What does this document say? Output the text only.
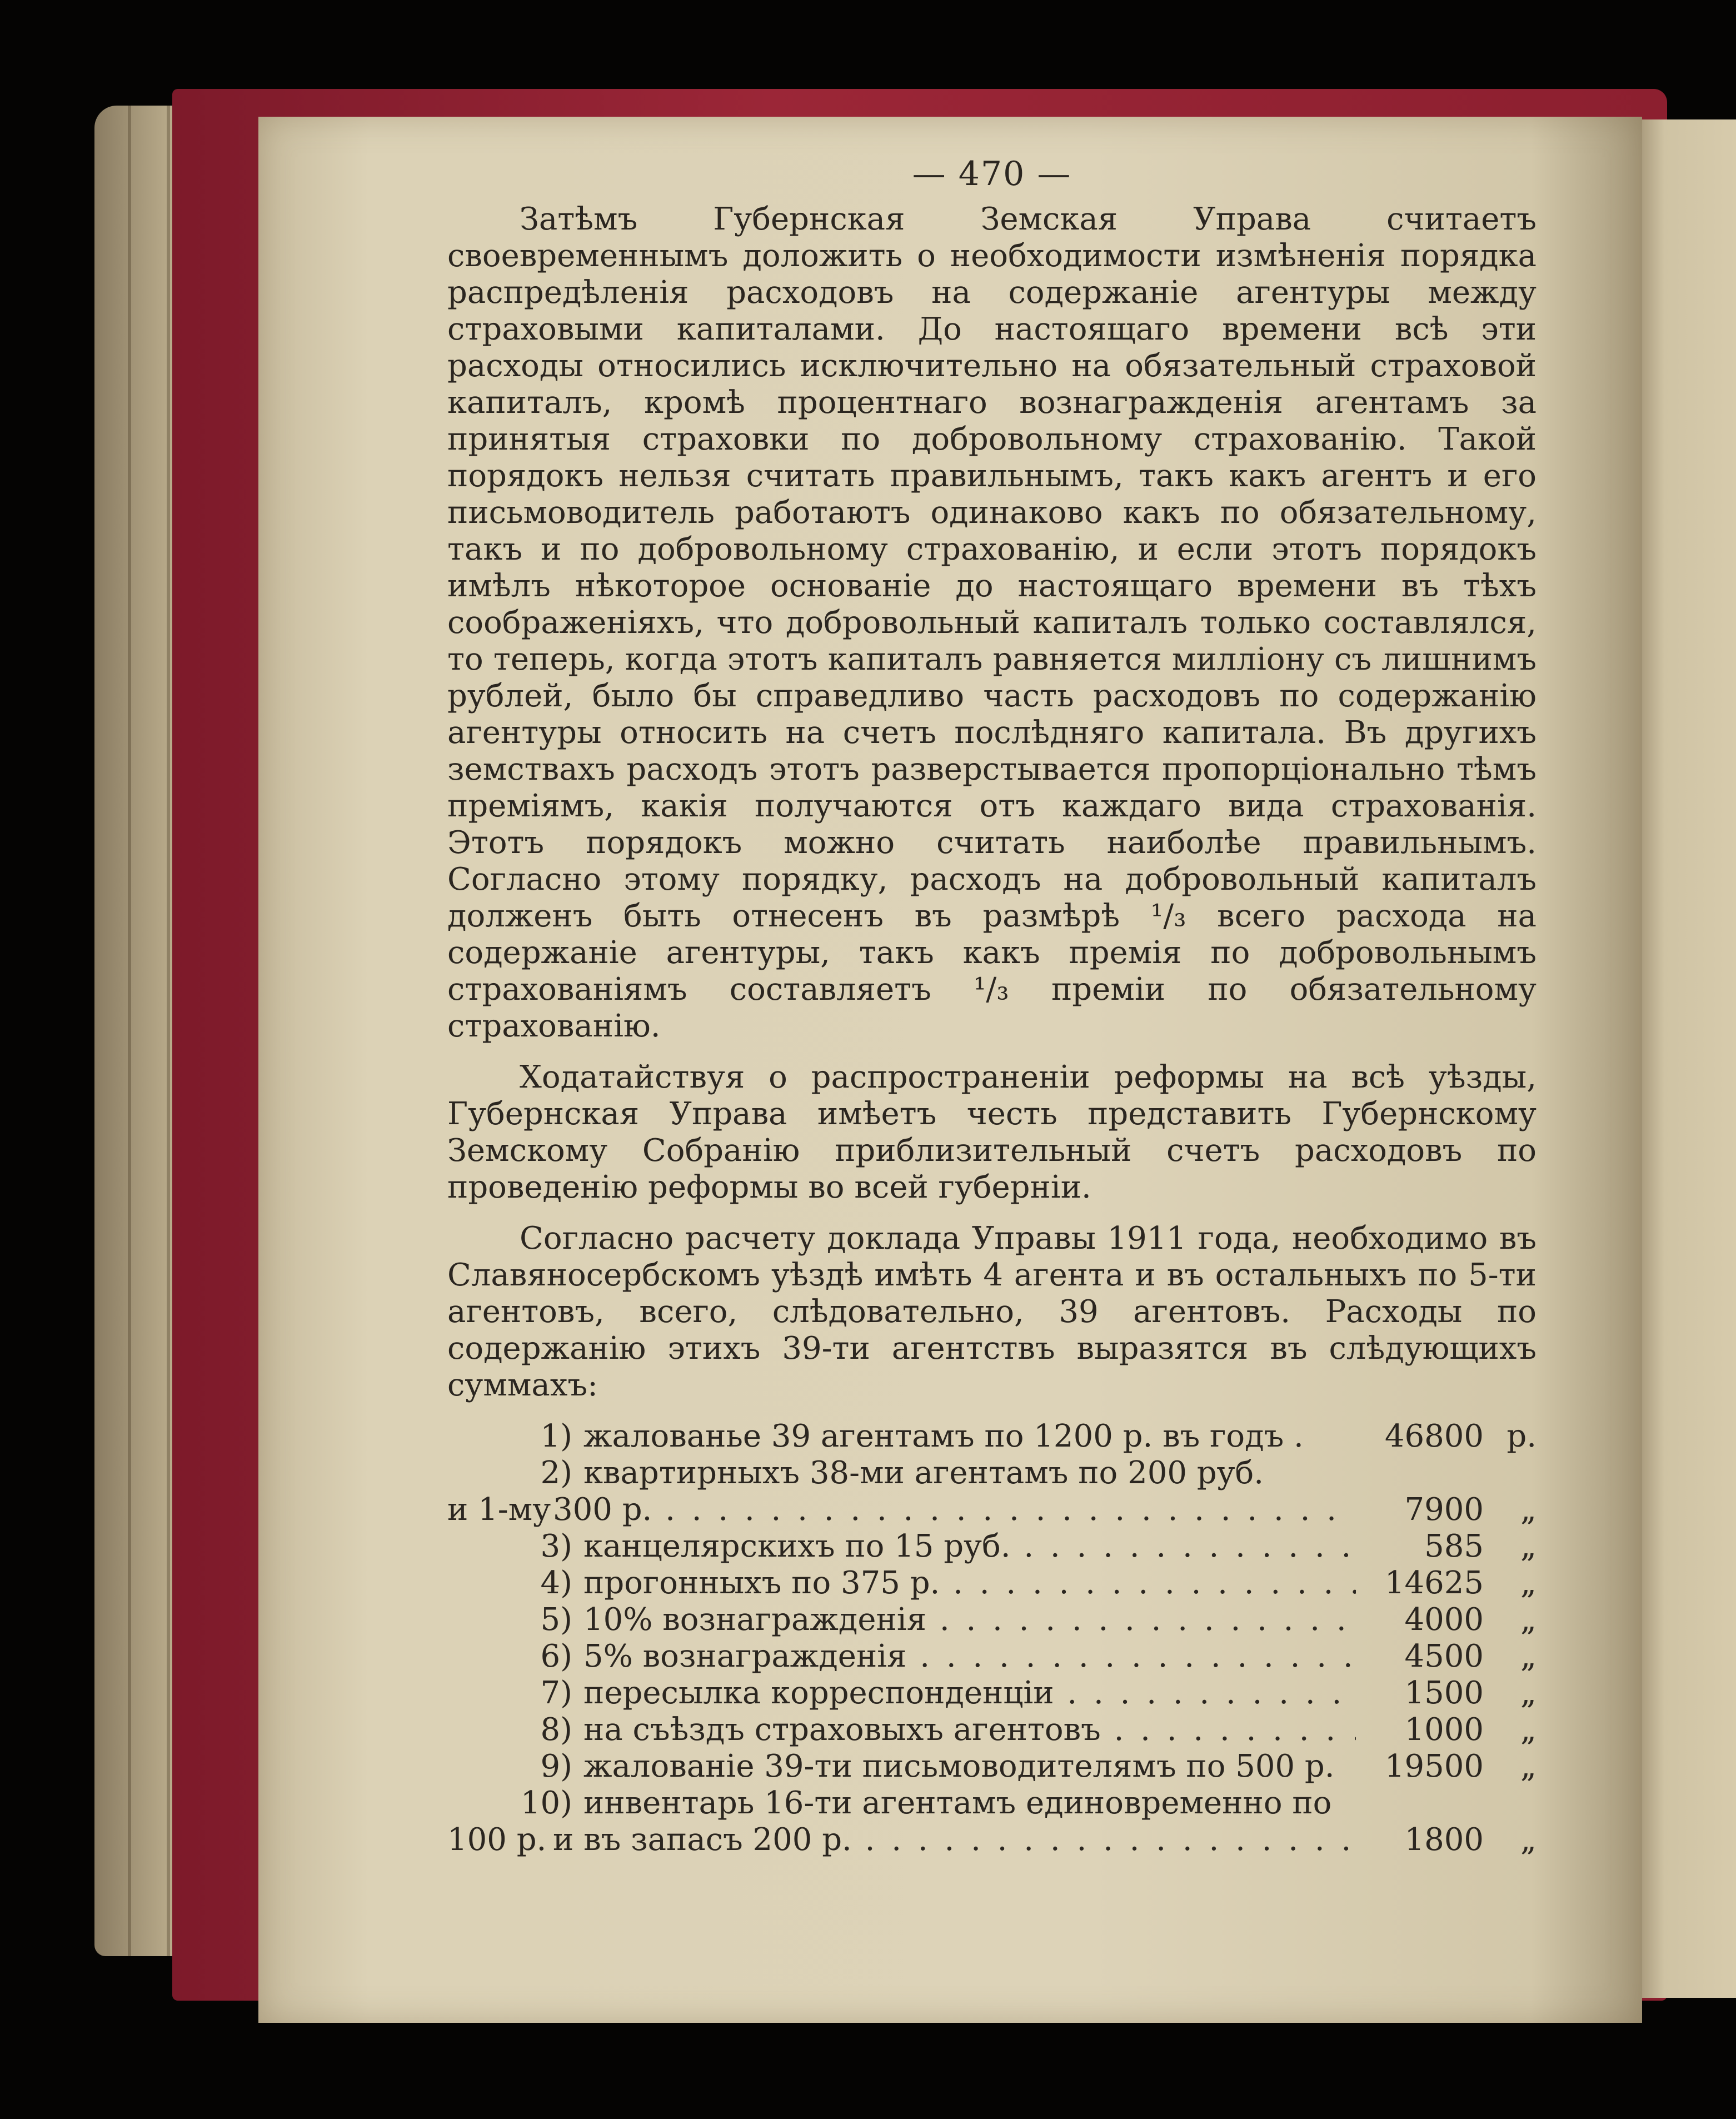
— 470 —

Затѣмъ Губернская Земская Управа считаетъ своевременнымъ доложить о необходимости измѣненія порядка распредѣленія расходовъ на содержаніе агентуры между страховыми капиталами. До настоящаго времени всѣ эти расходы относились исключительно на обязательный страховой капиталъ, кромѣ процентнаго вознагражденія агентамъ за принятыя страховки по добровольному страхованію. Такой порядокъ нельзя считать правильнымъ, такъ какъ агентъ и его письмоводитель работаютъ одинаково какъ по обязательному, такъ и по добровольному страхованію, и если этотъ порядокъ имѣлъ нѣкоторое основаніе до настоящаго времени въ тѣхъ соображеніяхъ, что добровольный капиталъ только составлялся, то теперь, когда этотъ капиталъ равняется милліону съ лишнимъ рублей, было бы справедливо часть расходовъ по содержанію агентуры относить на счетъ послѣдняго капитала. Въ другихъ земствахъ расходъ этотъ разверстывается пропорціонально тѣмъ преміямъ, какія получаются отъ каждаго вида страхованія. Этотъ порядокъ можно считать наиболѣе правильнымъ. Согласно этому порядку, расходъ на добровольный капиталъ долженъ быть отнесенъ въ размѣрѣ ¹/₃ всего расхода на содержаніе агентуры, такъ какъ премія по добровольнымъ страхованіямъ составляетъ ¹/₃ преміи по обязательному страхованію.

Ходатайствуя о распространеніи реформы на всѣ уѣзды, Губернская Управа имѣетъ честь представить Губернскому Земскому Собранію приблизительный счетъ расходовъ по проведенію реформы во всей губерніи.

Согласно расчету доклада Управы 1911 года, необходимо въ Славяносербскомъ уѣздѣ имѣть 4 агента и въ остальныхъ по 5-ти агентовъ, всего, слѣдовательно, 39 агентовъ. Расходы по содержанію этихъ 39-ти агентствъ выразятся въ слѣдующихъ суммахъ:

1) жалованье 39 агентамъ по 1200 р. въ годъ .	46800 р.
2) квартирныхъ 38-ми агентамъ по 200 руб.
и 1-му 300 р. . . .	7900	„
3) канцелярскихъ по 15 руб. . . .	585	„
4) прогонныхъ по 375 р. . . .	14625	„
5) 10% вознагражденія . . .	4000	„
6) 5% вознагражденія . . .	4500	„
7) пересылка корреспонденціи . . .	1500	„
8) на съѣздъ страховыхъ агентовъ . . .	1000	„
9) жалованіе 39-ти письмоводителямъ по 500 р.	19500	„
10) инвентарь 16-ти агентамъ единовременно по
100 р. и въ запасъ 200 р. . . .	1800	„
